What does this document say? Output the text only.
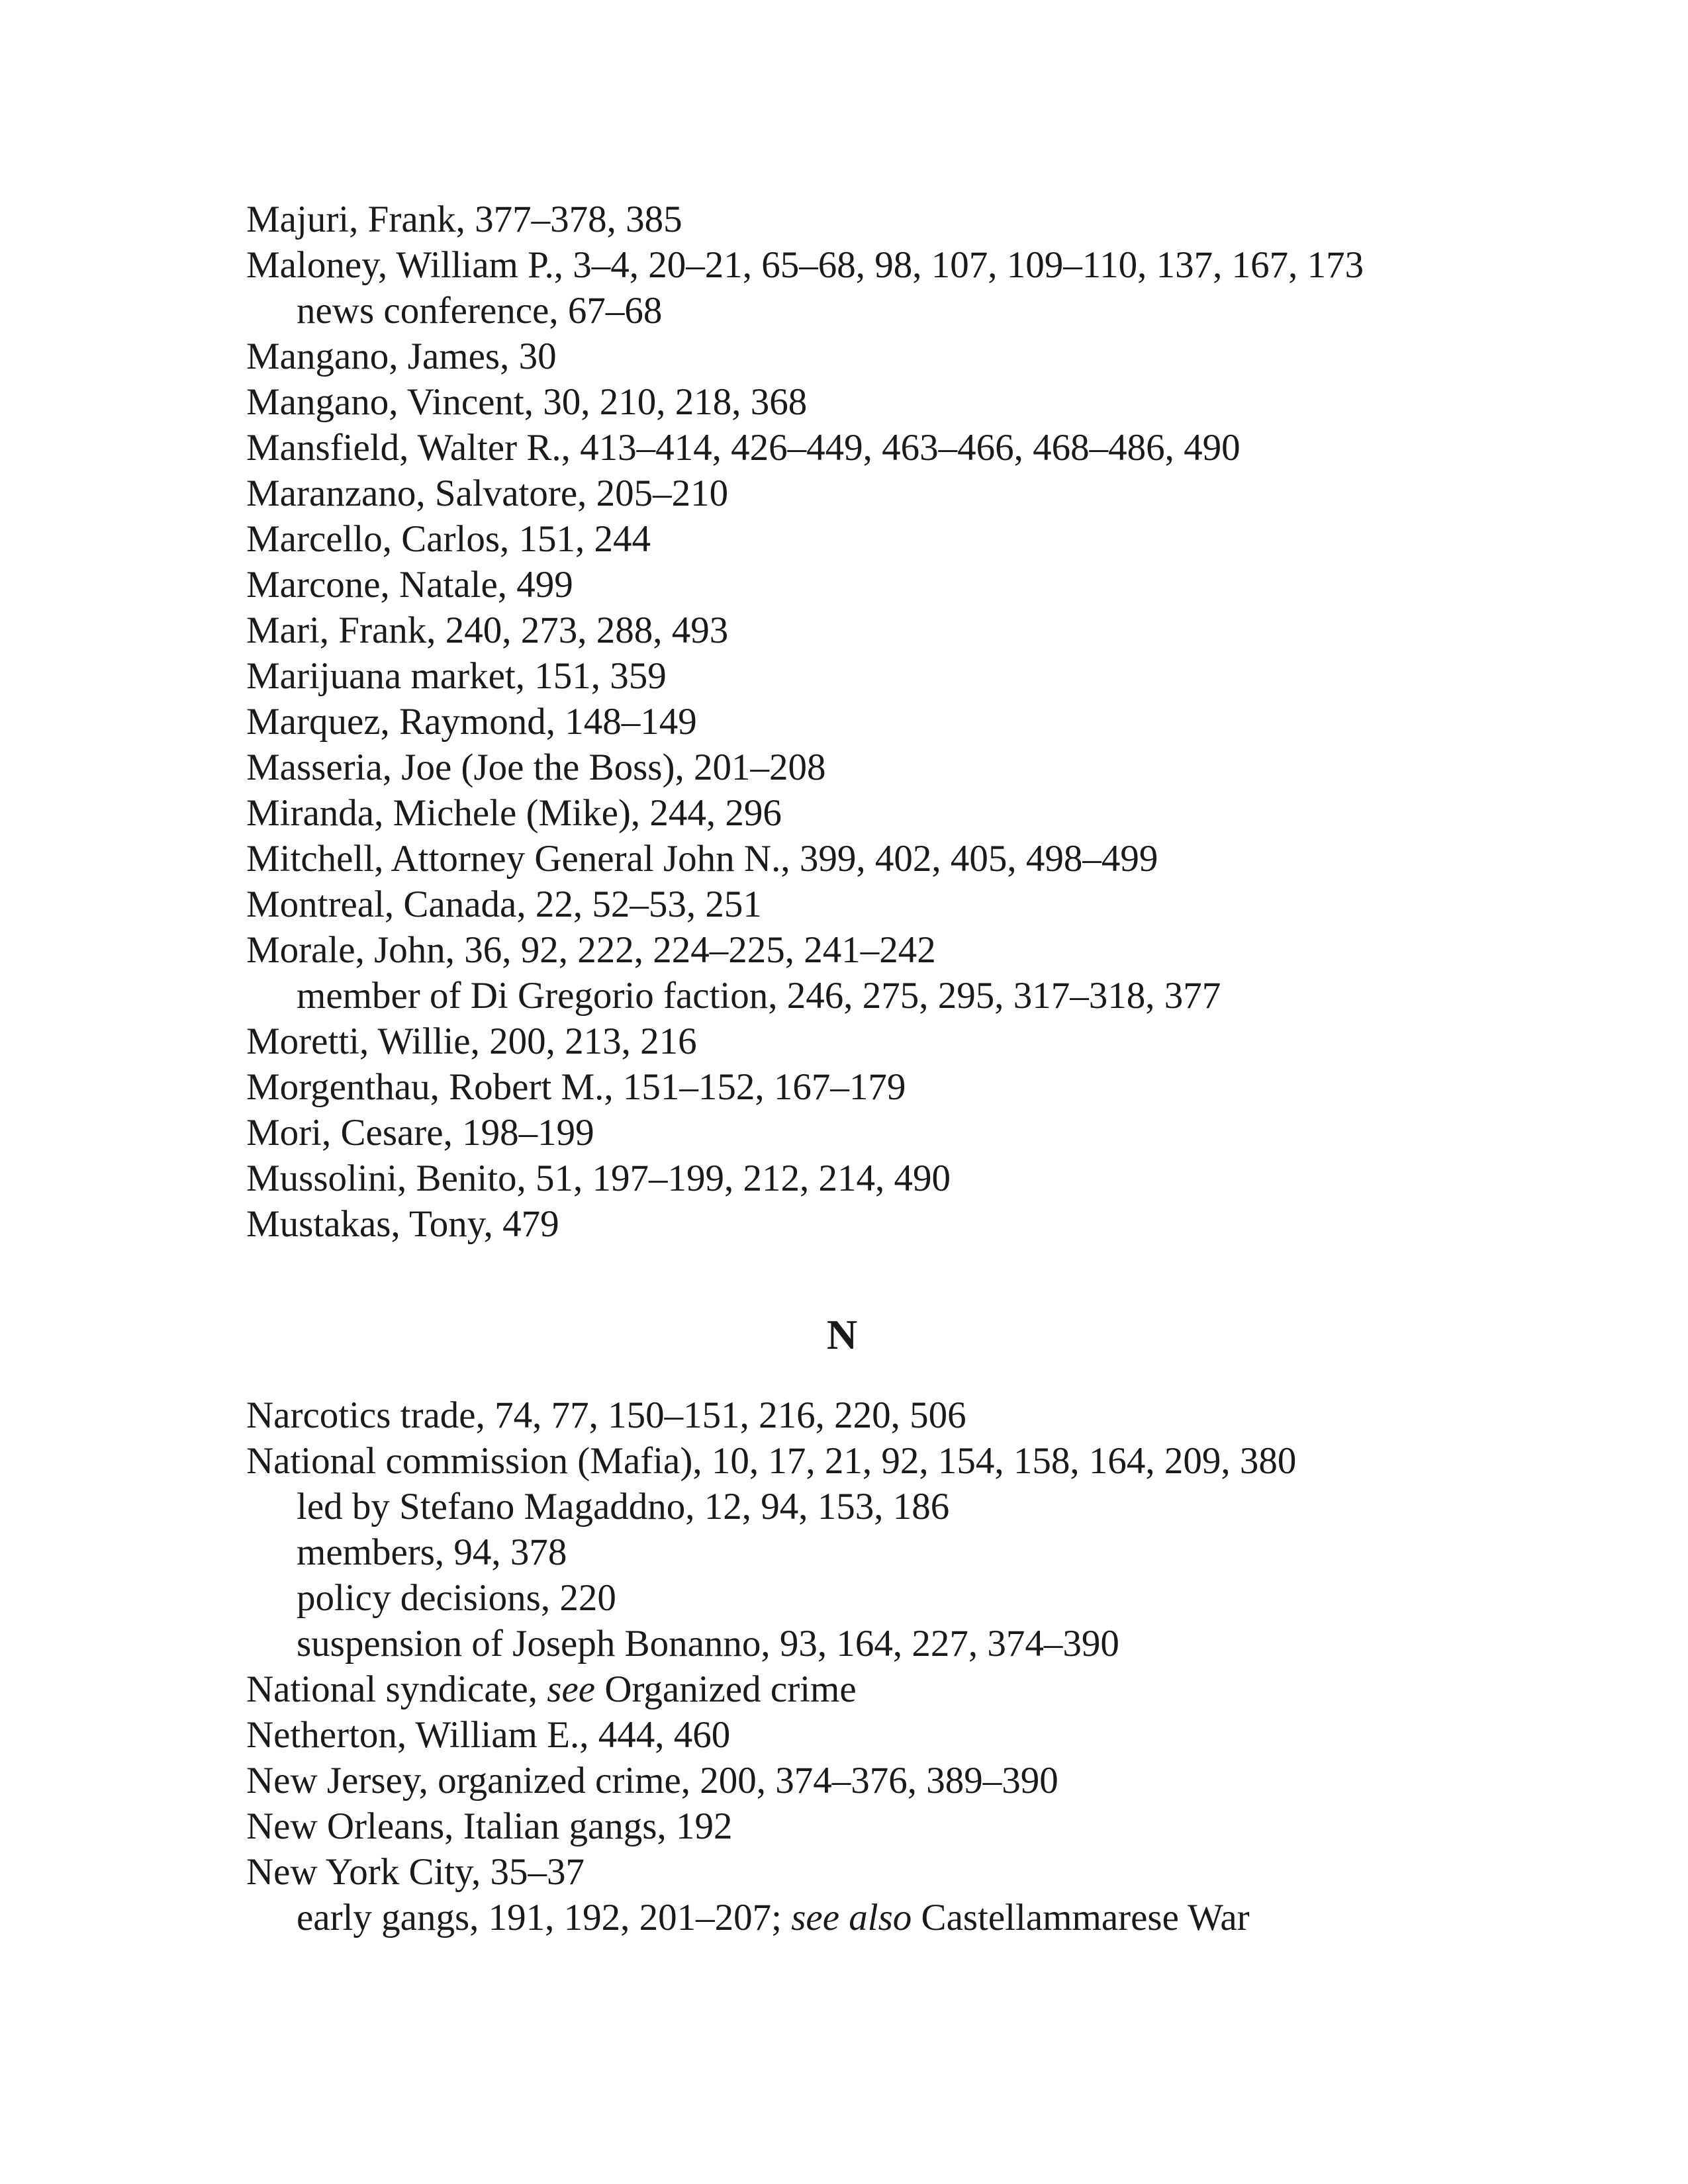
Majuri, Frank, 377–378, 385
Maloney, William P., 3–4, 20–21, 65–68, 98, 107, 109–110, 137, 167, 173
news conference, 67–68
Mangano, James, 30
Mangano, Vincent, 30, 210, 218, 368
Mansfield, Walter R., 413–414, 426–449, 463–466, 468–486, 490
Maranzano, Salvatore, 205–210
Marcello, Carlos, 151, 244
Marcone, Natale, 499
Mari, Frank, 240, 273, 288, 493
Marijuana market, 151, 359
Marquez, Raymond, 148–149
Masseria, Joe (Joe the Boss), 201–208
Miranda, Michele (Mike), 244, 296
Mitchell, Attorney General John N., 399, 402, 405, 498–499
Montreal, Canada, 22, 52–53, 251
Morale, John, 36, 92, 222, 224–225, 241–242
member of Di Gregorio faction, 246, 275, 295, 317–318, 377
Moretti, Willie, 200, 213, 216
Morgenthau, Robert M., 151–152, 167–179
Mori, Cesare, 198–199
Mussolini, Benito, 51, 197–199, 212, 214, 490
Mustakas, Tony, 479
N
Narcotics trade, 74, 77, 150–151, 216, 220, 506
National commission (Mafia), 10, 17, 21, 92, 154, 158, 164, 209, 380
led by Stefano Magaddno, 12, 94, 153, 186
members, 94, 378
policy decisions, 220
suspension of Joseph Bonanno, 93, 164, 227, 374–390
National syndicate, see Organized crime
Netherton, William E., 444, 460
New Jersey, organized crime, 200, 374–376, 389–390
New Orleans, Italian gangs, 192
New York City, 35–37
early gangs, 191, 192, 201–207; see also Castellammarese War
